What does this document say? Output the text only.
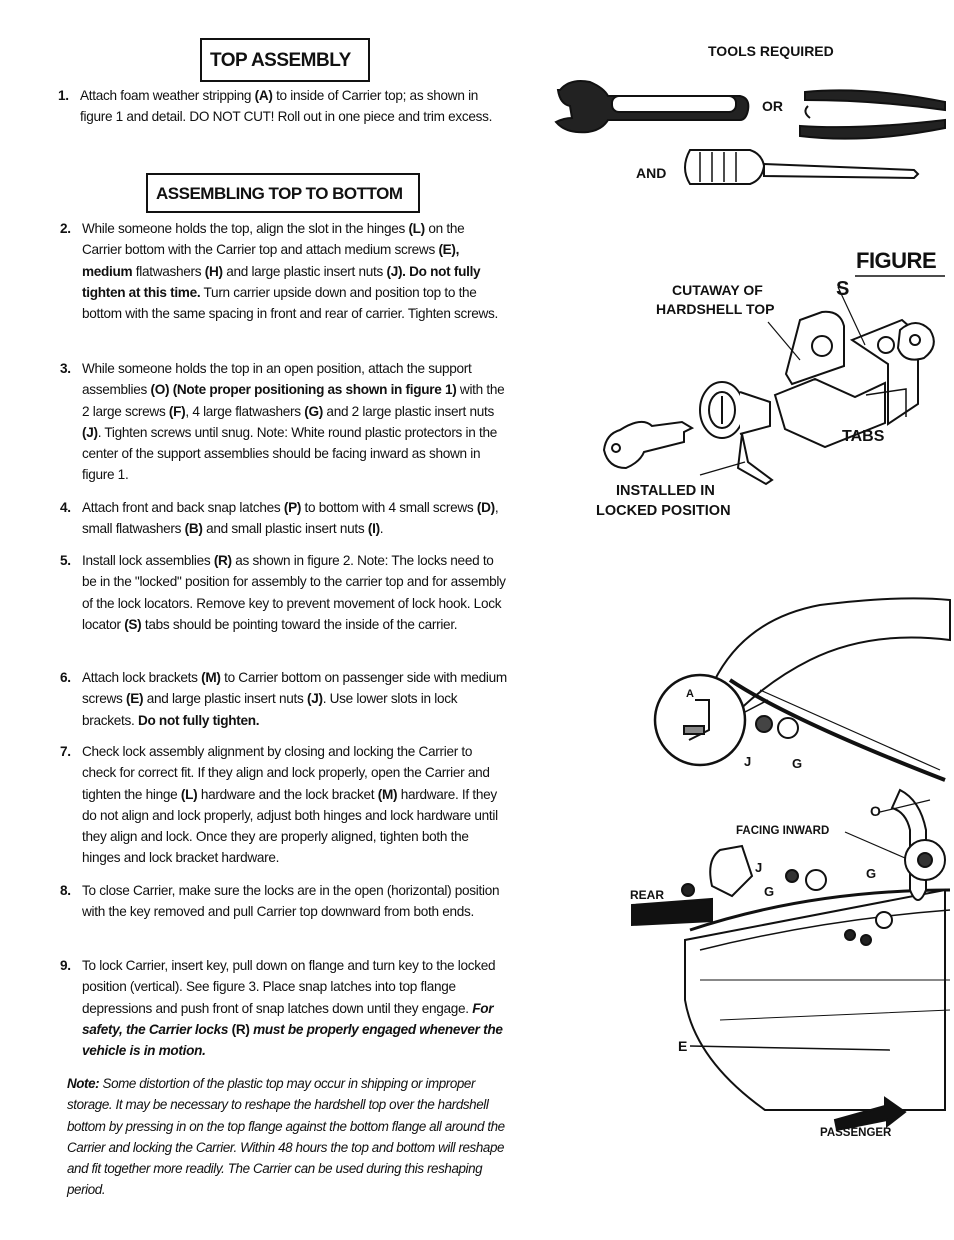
TOP ASSEMBLY
1. Attach foam weather stripping (A) to inside of Carrier top; as shown in figure 1 and detail. DO NOT CUT! Roll out in one piece and trim excess.
ASSEMBLING TOP TO BOTTOM
2. While someone holds the top, align the slot in the hinges (L) on the Carrier bottom with the Carrier top and attach medium screws (E), medium flatwashers (H) and large plastic insert nuts (J). Do not fully tighten at this time. Turn carrier upside down and position top to the bottom with the same spacing in front and rear of carrier. Tighten screws.
3. While someone holds the top in an open position, attach the support assemblies (O) (Note proper positioning as shown in figure 1) with the 2 large screws (F), 4 large flatwashers (G) and 2 large plastic insert nuts (J). Tighten screws until snug. Note: White round plastic protectors in the center of the support assemblies should be facing inward as shown in figure 1.
4. Attach front and back snap latches (P) to bottom with 4 small screws (D), small flatwashers (B) and small plastic insert nuts (I).
5. Install lock assemblies (R) as shown in figure 2. Note: The locks need to be in the "locked" position for assembly to the carrier top and for assembly of the lock locators. Remove key to prevent movement of lock hook. Lock locator (S) tabs should be pointing toward the inside of the carrier.
6. Attach lock brackets (M) to Carrier bottom on passenger side with medium screws (E) and large plastic insert nuts (J). Use lower slots in lock brackets. Do not fully tighten.
7. Check lock assembly alignment by closing and locking the Carrier to check for correct fit. If they align and lock properly, open the Carrier and tighten the hinge (L) hardware and the lock bracket (M) hardware. If they do not align and lock properly, adjust both hinges and lock hardware until they align and lock. Once they are properly aligned, tighten both the hinges and lock bracket hardware.
8. To close Carrier, make sure the locks are in the open (horizontal) position with the key removed and pull Carrier top downward from both ends.
9. To lock Carrier, insert key, pull down on flange and turn key to the locked position (vertical). See figure 3. Place snap latches into top flange depressions and push front of snap latches down until they engage. For safety, the Carrier locks (R) must be properly engaged whenever the vehicle is in motion.
Note: Some distortion of the plastic top may occur in shipping or improper storage. It may be necessary to reshape the hardshell top over the hardshell bottom by pressing in on the top flange against the bottom flange all around the Carrier and locking the Carrier. Within 48 hours the top and bottom will reshape and fit together more readily. The Carrier can be used during this reshaping period.
TOOLS REQUIRED
OR
AND
FIGURE
CUTAWAY OF
HARDSHELL TOP
S
TABS
INSTALLED IN
LOCKED POSITION
A
J	G
O
FACING INWARD
J
G
G
REAR
E
PASSENGER
